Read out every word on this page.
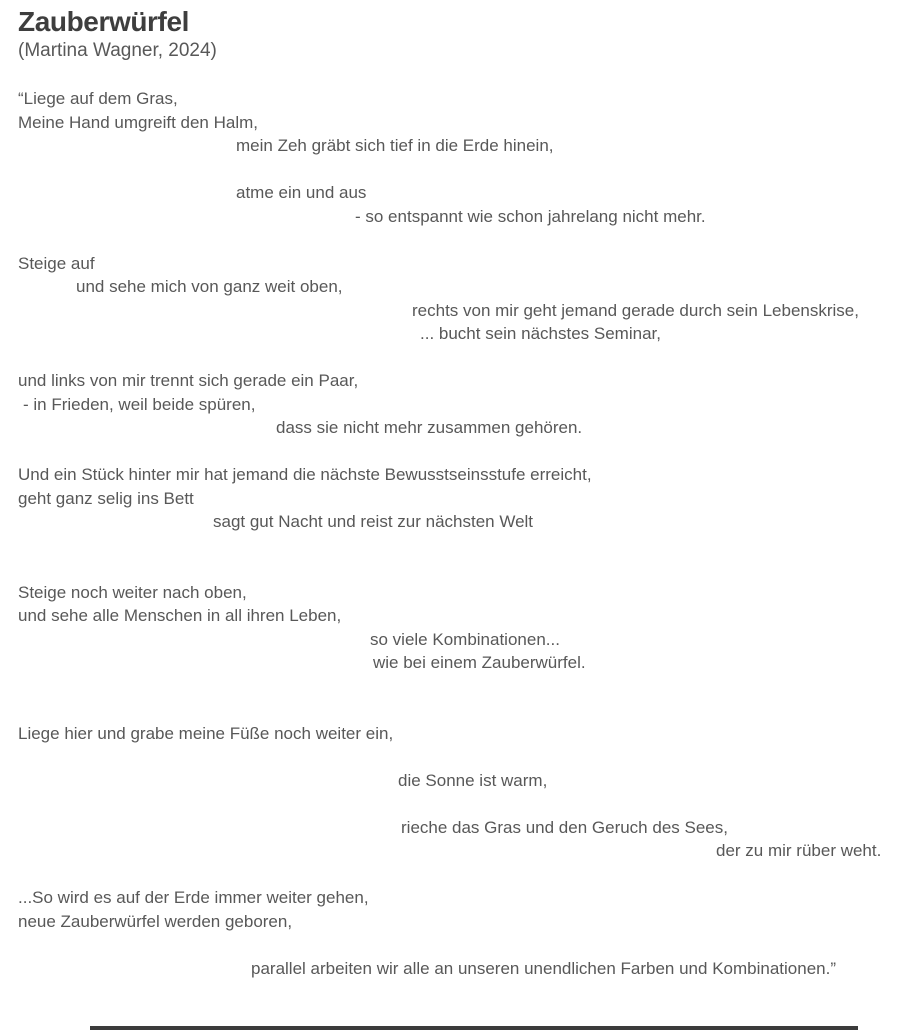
Zauberwürfel
(Martina Wagner, 2024)
“Liege auf dem Gras,
Meine Hand umgreift den Halm,
mein Zeh gräbt sich tief in die Erde hinein,
atme ein und aus
- so entspannt wie schon jahrelang nicht mehr.
Steige auf
und sehe mich von ganz weit oben,
rechts von mir geht jemand gerade durch sein Lebenskrise,
... bucht sein nächstes Seminar,
und links von mir trennt sich gerade ein Paar,
- in Frieden, weil beide spüren,
dass sie nicht mehr zusammen gehören.
Und ein Stück hinter mir hat jemand die nächste Bewusstseinsstufe erreicht,
geht ganz selig ins Bett
sagt gut Nacht und reist zur nächsten Welt
Steige noch weiter nach oben,
und sehe alle Menschen in all ihren Leben,
so viele Kombinationen...
wie bei einem Zauberwürfel.
Liege hier und grabe meine Füße noch weiter ein,
die Sonne ist warm,
rieche das Gras und den Geruch des Sees,
der zu mir rüber weht.
...So wird es auf der Erde immer weiter gehen,
neue Zauberwürfel werden geboren,
parallel arbeiten wir alle an unseren unendlichen Farben und Kombinationen.”
